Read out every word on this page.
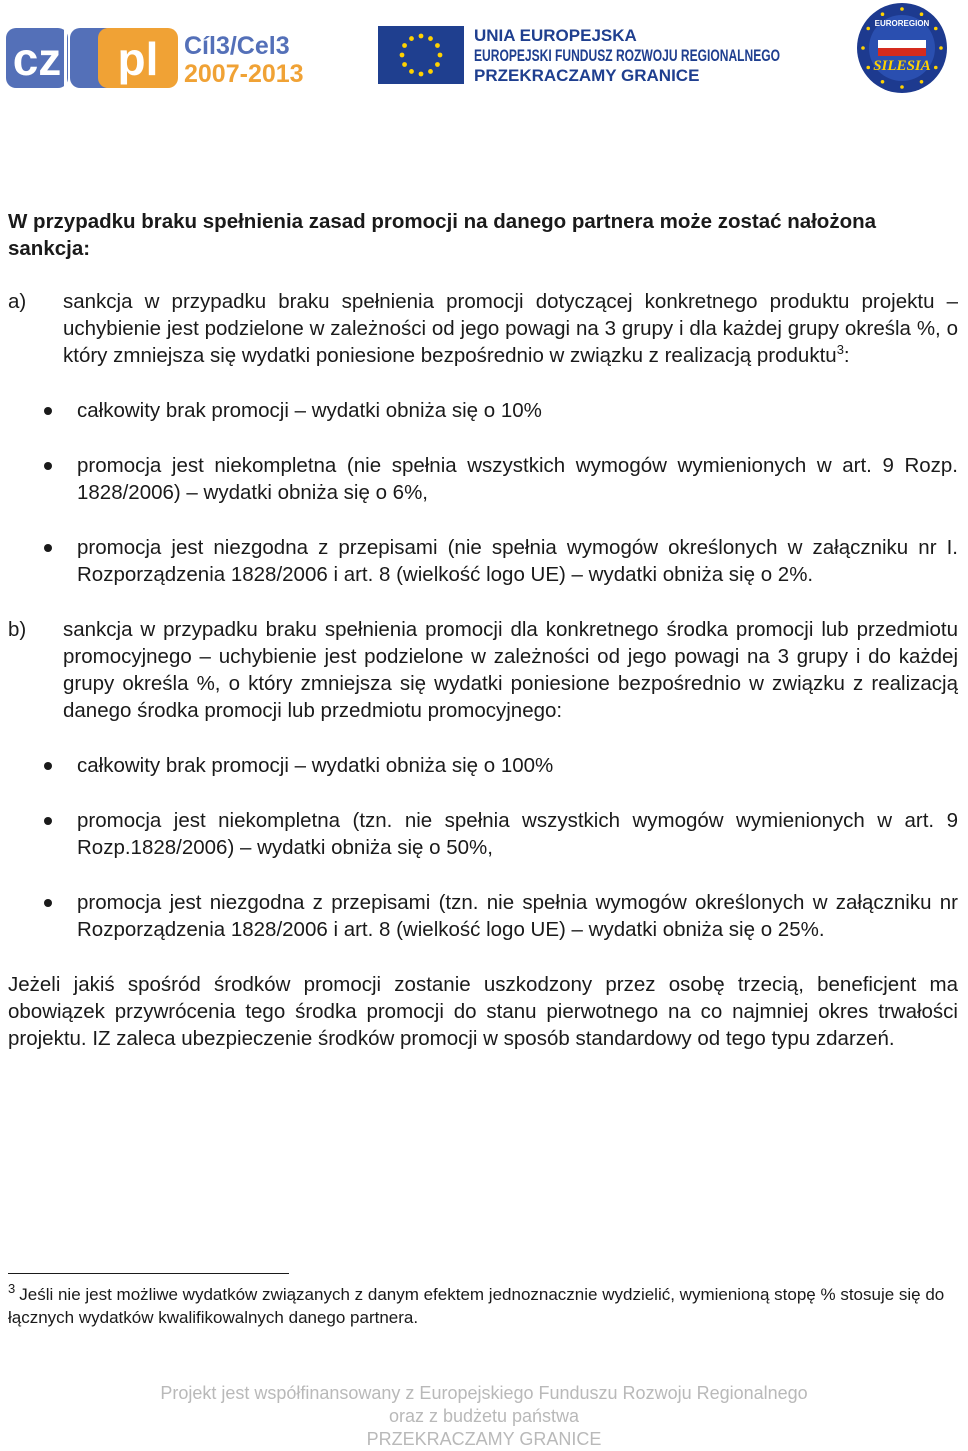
cz pl Cíl3/Cel3
2007-2013
UNIA EUROPEJSKA
EUROPEJSKI FUNDUSZ ROZWOJU REGIONALNEGO
PRZEKRACZAMY GRANICE
EUROREGION
SILESIA

W przypadku braku spełnienia zasad promocji na danego partnera może zostać nałożona sankcja:

a) sankcja w przypadku braku spełnienia promocji dotyczącej konkretnego produktu projektu – uchybienie jest podzielone w zależności od jego powagi na 3 grupy i dla każdej grupy określa %, o który zmniejsza się wydatki poniesione bezpośrednio w związku z realizacją produktu$^3$:
całkowity brak promocji – wydatki obniża się o 10%
promocja jest niekompletna (nie spełnia wszystkich wymogów wymienionych w art. 9 Rozp. 1828/2006) – wydatki obniża się o 6%,
promocja jest niezgodna z przepisami (nie spełnia wymogów określonych w załączniku nr I. Rozporządzenia 1828/2006 i art. 8 (wielkość logo UE) – wydatki obniża się o 2%.
b) sankcja w przypadku braku spełnienia promocji dla konkretnego środka promocji lub przedmiotu promocyjnego – uchybienie jest podzielone w zależności od jego powagi na 3 grupy i do każdej grupy określa %, o który zmniejsza się wydatki poniesione bezpośrednio w związku z realizacją danego środka promocji lub przedmiotu promocyjnego:
całkowity brak promocji – wydatki obniża się o 100%
promocja jest niekompletna (tzn. nie spełnia wszystkich wymogów wymienionych w art. 9 Rozp.1828/2006) – wydatki obniża się o 50%,
promocja jest niezgodna z przepisami (tzn. nie spełnia wymogów określonych w załączniku nr Rozporządzenia 1828/2006 i art. 8 (wielkość logo UE) – wydatki obniża się o 25%.

Jeżeli jakiś spośród środków promocji zostanie uszkodzony przez osobę trzecią, beneficjent ma obowiązek przywrócenia tego środka promocji do stanu pierwotnego na co najmniej okres trwałości projektu. IZ zaleca ubezpieczenie środków promocji w sposób standardowy od tego typu zdarzeń.

$^3$ Jeśli nie jest możliwe wydatków związanych z danym efektem jednoznacznie wydzielić, wymienioną stopę % stosuje się do łącznych wydatków kwalifikowalnych danego partnera.
Projekt jest współfinansowany z Europejskiego Funduszu Rozwoju Regionalnego
oraz z budżetu państwa
PRZEKRACZAMY GRANICE
